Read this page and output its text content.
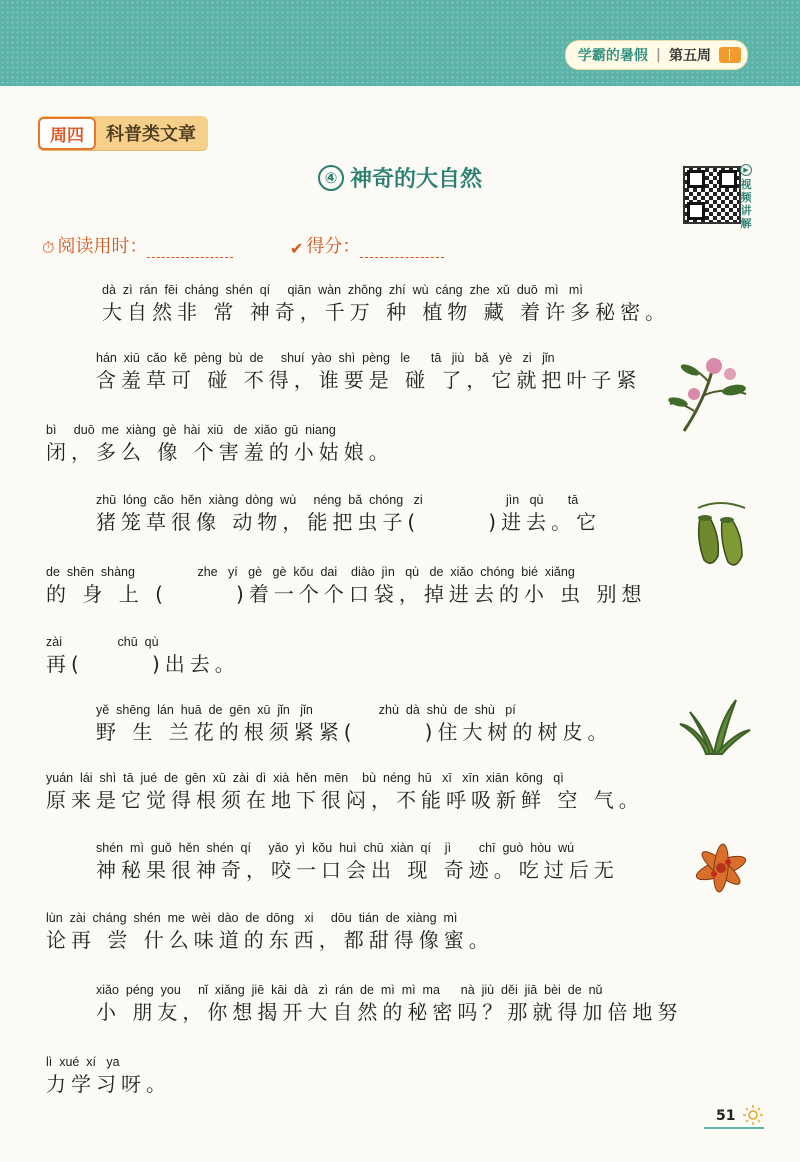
学霸的暑假 | 第五周
周四	科普类文章
④ 神奇的大自然	▶
视频讲解
⏱ 阅读用时：	✔ 得分：
dà  zì  rán  fēi  cháng  shén  qí     qiān  wàn  zhǒng  zhí  wù  cáng  zhe  xǔ  duō  mì   mì
大自然非 常 神奇，千万 种 植物 藏 着许多秘密。
hán  xiū  cǎo  kě  pèng  bù  de     shuí  yào  shì  pèng   le      tā   jiù   bǎ   yè   zi   jǐn
含羞草可 碰 不得，谁要是 碰 了，它就把叶子紧
bì     duō  me  xiàng  gè  hài  xiū   de  xiǎo  gū  niang
闭，多么 像 个害羞的小姑娘。
zhū  lóng  cǎo  hěn  xiàng  dòng  wù     néng  bǎ  chóng   zi                        jìn   qù       tā
猪笼草很像 动物，能把虫子(      )进去。它
de  shēn  shàng                  zhe   yí   gè   gè  kǒu  dai    diào  jìn   qù   de  xiǎo  chóng  bié  xiǎng
的 身 上 (      )着一个个口袋，掉进去的小 虫 别想
zài                chū  qù
再(      )出去。
yě  shēng  lán  huā  de  gēn  xū  jǐn   jǐn                   zhù  dà  shù  de  shù   pí
野 生 兰花的根须紧紧(      )住大树的树皮。
yuán  lái  shì  tā  jué  de  gēn  xū  zài  dì  xià  hěn  mēn    bù  néng  hū   xī   xīn  xiān  kōng   qì
原来是它觉得根须在地下很闷，不能呼吸新鲜 空 气。
shén  mì  guǒ  hěn  shén  qí     yǎo  yì  kǒu  huì  chū  xiàn  qí    jì        chī  guò  hòu  wú
神秘果很神奇，咬一口会出 现 奇迹。吃过后无
lùn  zài  cháng  shén  me  wèi  dào  de  dōng   xi     dōu  tián  de  xiàng  mì
论再 尝 什么味道的东西，都甜得像蜜。
xiǎo  péng  you     nǐ  xiǎng  jiē  kāi  dà   zì  rán  de  mì  mì  ma      nà  jiù  děi  jiā  bèi  de  nǔ
小 朋友，你想揭开大自然的秘密吗？那就得加倍地努
lì  xué  xí   ya
力学习呀。
51
